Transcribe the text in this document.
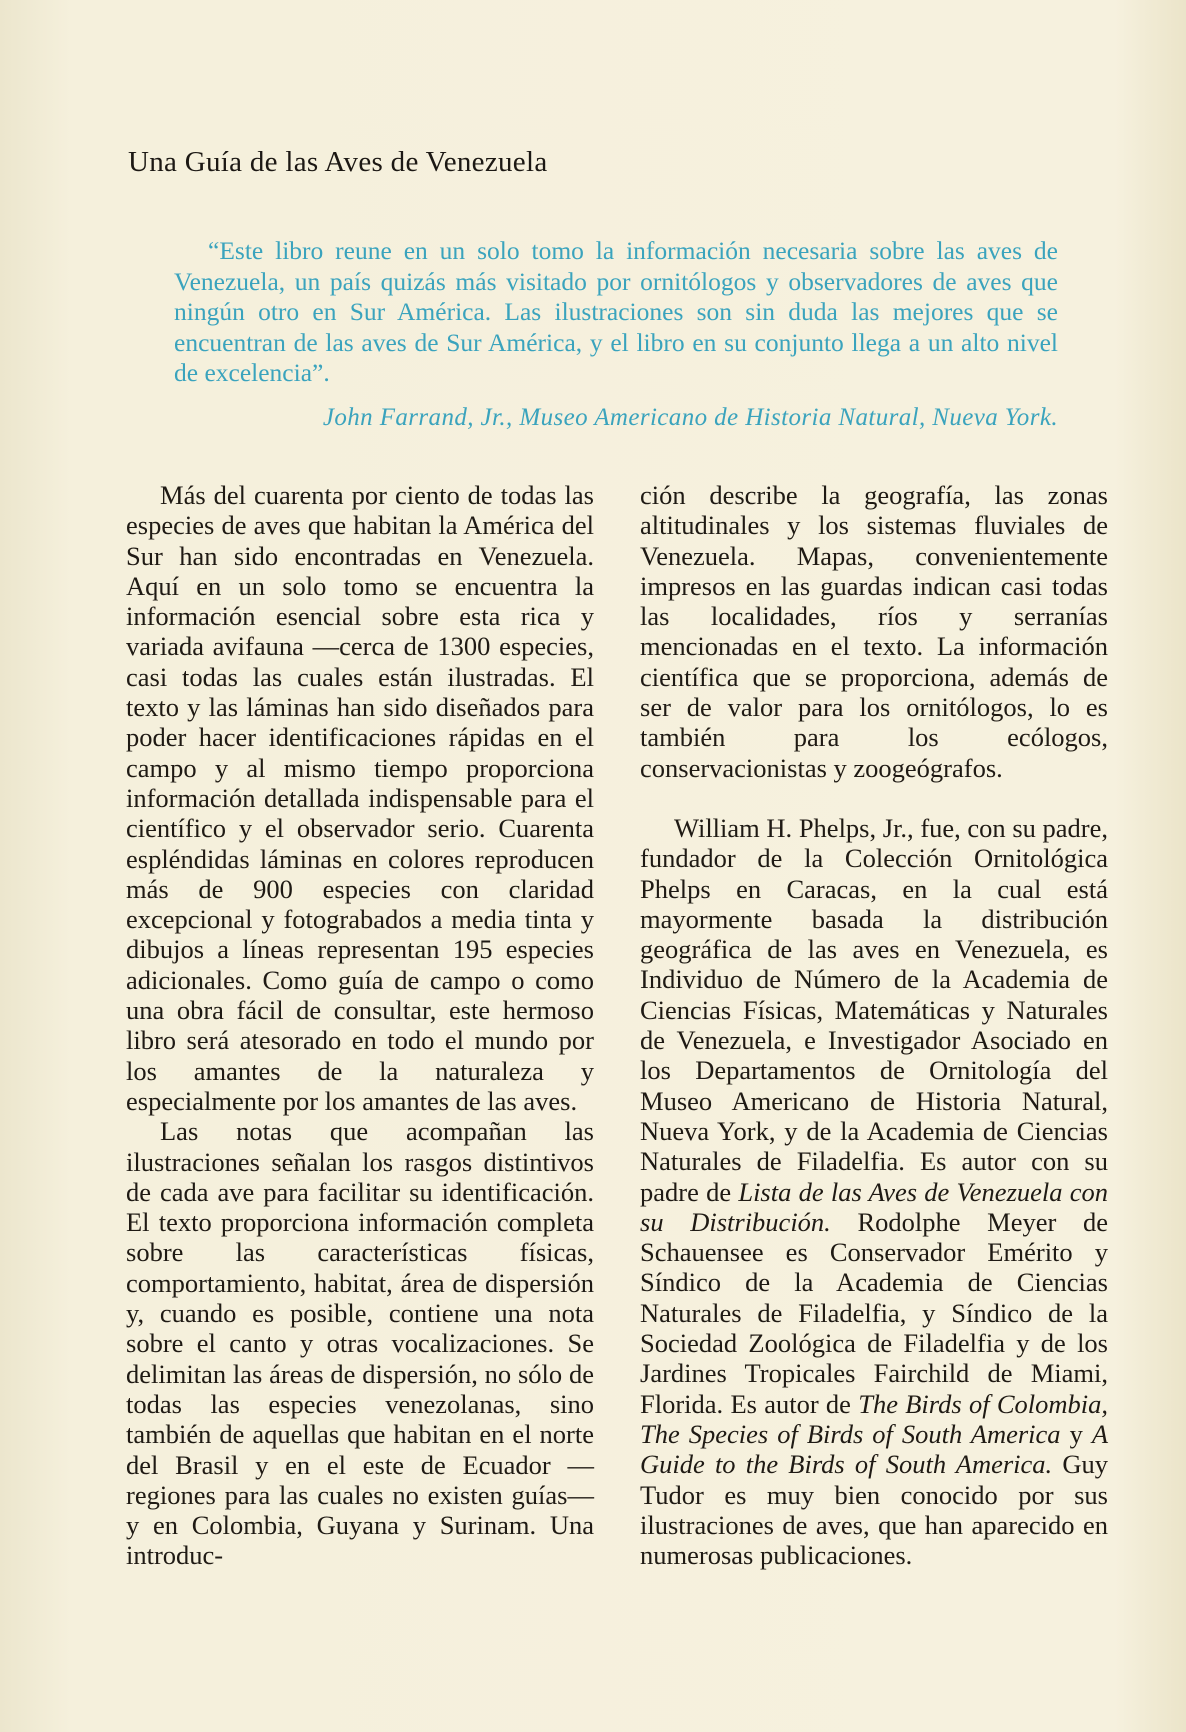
Una Guía de las Aves de Venezuela

“Este libro reune en un solo tomo la información necesaria sobre las aves de Venezuela, un país quizás más visitado por ornitólogos y observadores de aves que ningún otro en Sur América. Las ilustraciones son sin duda las mejores que se encuentran de las aves de Sur América, y el libro en su conjunto llega a un alto nivel de excelencia”.

John Farrand, Jr., Museo Americano de Historia Natural, Nueva York.

Más del cuarenta por ciento de todas las especies de aves que habitan la América del Sur han sido encontradas en Venezuela. Aquí en un solo tomo se encuentra la información esencial sobre esta rica y variada avifauna —cerca de 1300 especies, casi todas las cuales están ilustradas. El texto y las láminas han sido diseñados para poder hacer identificaciones rápidas en el campo y al mismo tiempo proporciona información detallada indispensable para el científico y el observador serio. Cuarenta espléndidas láminas en colores reproducen más de 900 especies con claridad excepcional y fotograbados a media tinta y dibujos a líneas representan 195 especies adicionales. Como guía de campo o como una obra fácil de consultar, este hermoso libro será atesorado en todo el mundo por los amantes de la naturaleza y especialmente por los amantes de las aves.

Las notas que acompañan las ilustraciones señalan los rasgos distintivos de cada ave para facilitar su identificación. El texto proporciona información completa sobre las características físicas, comportamiento, habitat, área de dispersión y, cuando es posible, contiene una nota sobre el canto y otras vocalizaciones. Se delimitan las áreas de dispersión, no sólo de todas las especies venezolanas, sino también de aquellas que habitan en el norte del Brasil y en el este de Ecuador —regiones para las cuales no existen guías— y en Colombia, Guyana y Surinam. Una introduc-

ción describe la geografía, las zonas altitudinales y los sistemas fluviales de Venezuela. Mapas, convenientemente impresos en las guardas indican casi todas las localidades, ríos y serranías mencionadas en el texto. La información científica que se proporciona, además de ser de valor para los ornitólogos, lo es también para los ecólogos, conservacionistas y zoogeógrafos.

William H. Phelps, Jr., fue, con su padre, fundador de la Colección Ornitológica Phelps en Caracas, en la cual está mayormente basada la distribución geográfica de las aves en Venezuela, es Individuo de Número de la Academia de Ciencias Físicas, Matemáticas y Naturales de Venezuela, e Investigador Asociado en los Departamentos de Ornitología del Museo Americano de Historia Natural, Nueva York, y de la Academia de Ciencias Naturales de Filadelfia. Es autor con su padre de Lista de las Aves de Venezuela con su Distribución. Rodolphe Meyer de Schauensee es Conservador Emérito y Síndico de la Academia de Ciencias Naturales de Filadelfia, y Síndico de la Sociedad Zoológica de Filadelfia y de los Jardines Tropicales Fairchild de Miami, Florida. Es autor de The Birds of Colombia, The Species of Birds of South America y A Guide to the Birds of South America. Guy Tudor es muy bien conocido por sus ilustraciones de aves, que han aparecido en numerosas publicaciones.
